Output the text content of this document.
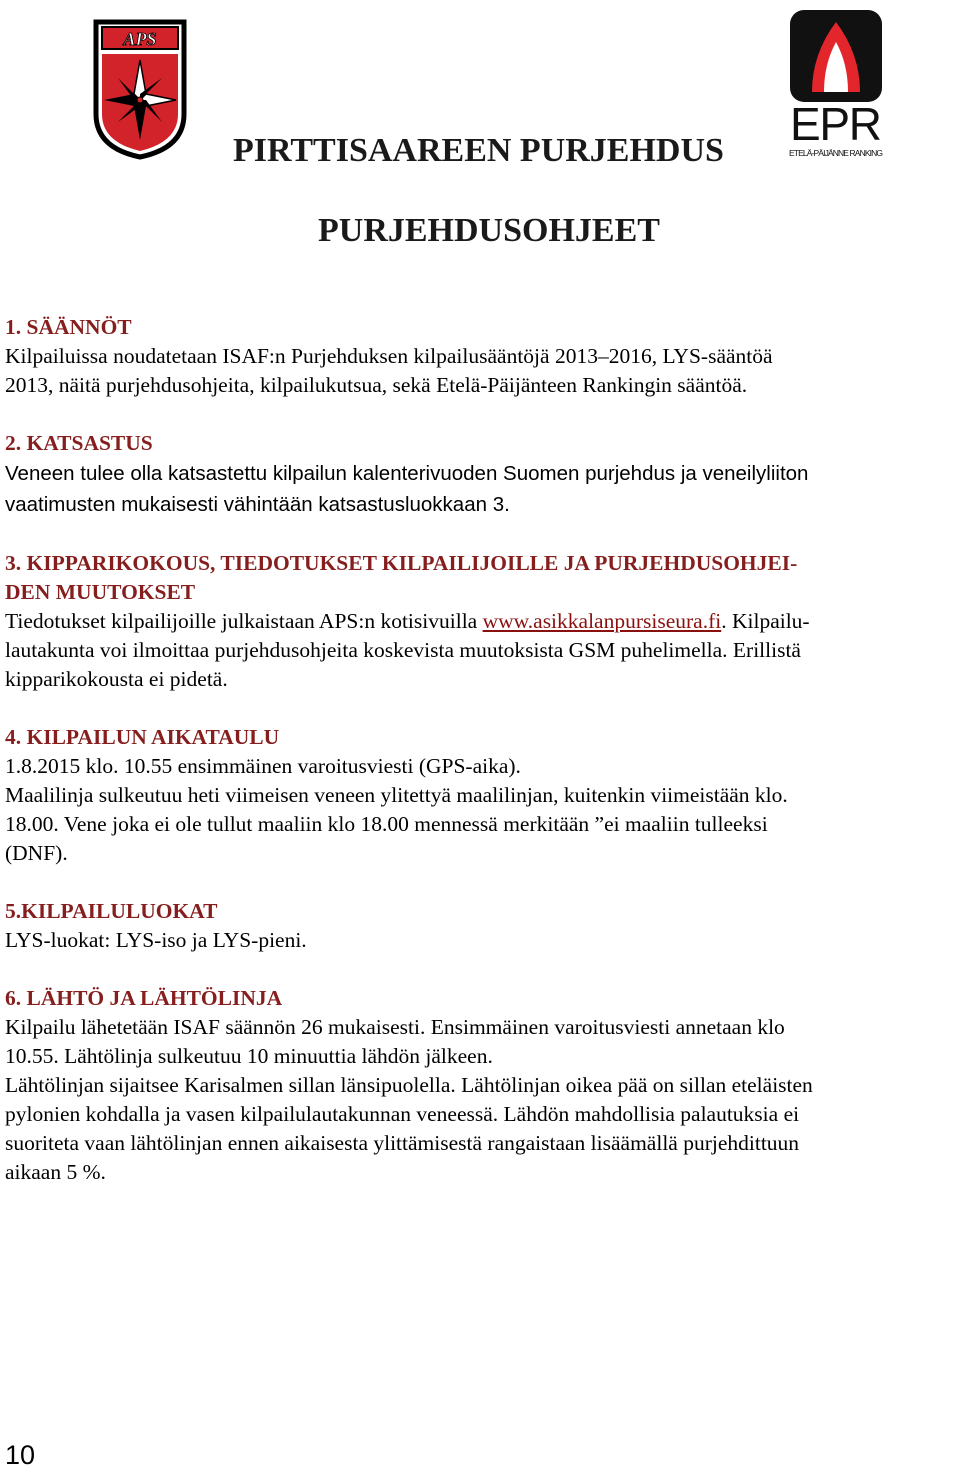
APS
EPR
ETELÄ-PÄIJÄNNE RANKING
PIRTTISAAREEN PURJEHDUS
PURJEHDUSOHJEET
1. SÄÄNNÖT
Kilpailuissa noudatetaan ISAF:n Purjehduksen kilpailusääntöjä 2013–2016, LYS-sääntöä
2013, näitä purjehdusohjeita, kilpailukutsua, sekä Etelä-Päijänteen Rankingin sääntöä.
2. KATSASTUS
Veneen tulee olla katsastettu kilpailun kalenterivuoden Suomen purjehdus ja veneilyliiton
vaatimusten mukaisesti vähintään katsastusluokkaan 3.
3. KIPPARIKOKOUS, TIEDOTUKSET KILPAILIJOILLE JA PURJEHDUSOHJEI-
DEN MUUTOKSET
Tiedotukset kilpailijoille julkaistaan APS:n kotisivuilla www.asikkalanpursiseura.fi. Kilpailu-
lautakunta voi ilmoittaa purjehdusohjeita koskevista muutoksista GSM puhelimella. Erillistä
kipparikokousta ei pidetä.
4. KILPAILUN AIKATAULU
1.8.2015 klo. 10.55 ensimmäinen varoitusviesti (GPS-aika).
Maalilinja sulkeutuu heti viimeisen veneen ylitettyä maalilinjan, kuitenkin viimeistään klo.
18.00. Vene joka ei ole tullut maaliin klo 18.00 mennessä merkitään ”ei maaliin tulleeksi
(DNF).
5.KILPAILULUOKAT
LYS-luokat: LYS-iso ja LYS-pieni.
6. LÄHTÖ JA LÄHTÖLINJA
Kilpailu lähetetään ISAF säännön 26 mukaisesti. Ensimmäinen varoitusviesti annetaan klo
10.55. Lähtölinja sulkeutuu 10 minuuttia lähdön jälkeen.
Lähtölinjan sijaitsee Karisalmen sillan länsipuolella. Lähtölinjan oikea pää on sillan eteläisten
pylonien kohdalla ja vasen kilpailulautakunnan veneessä. Lähdön mahdollisia palautuksia ei
suoriteta vaan lähtölinjan ennen aikaisesta ylittämisestä rangaistaan lisäämällä purjehdittuun
aikaan 5 %.
10
